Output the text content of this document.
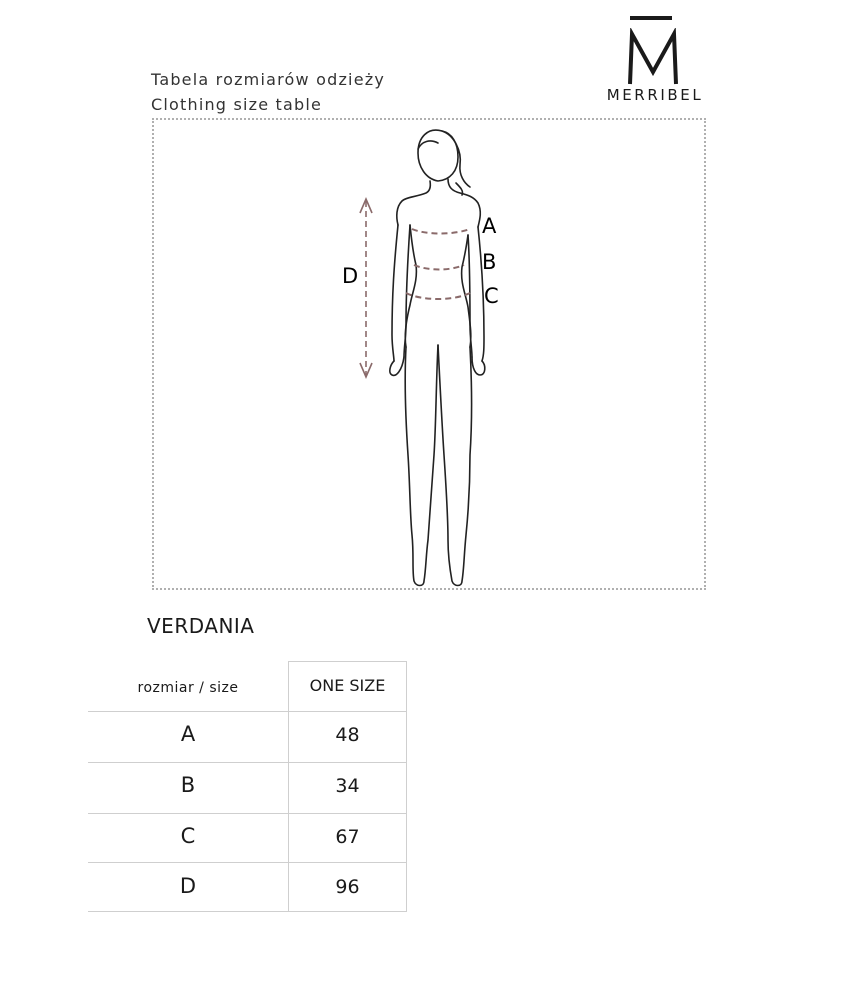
MERRIBEL
Tabela rozmiarów odzieży
Clothing size table
A
B
C
D
VERDANIA
rozmiar / size	ONE SIZE
A	48
B	34
C	67
D	96
